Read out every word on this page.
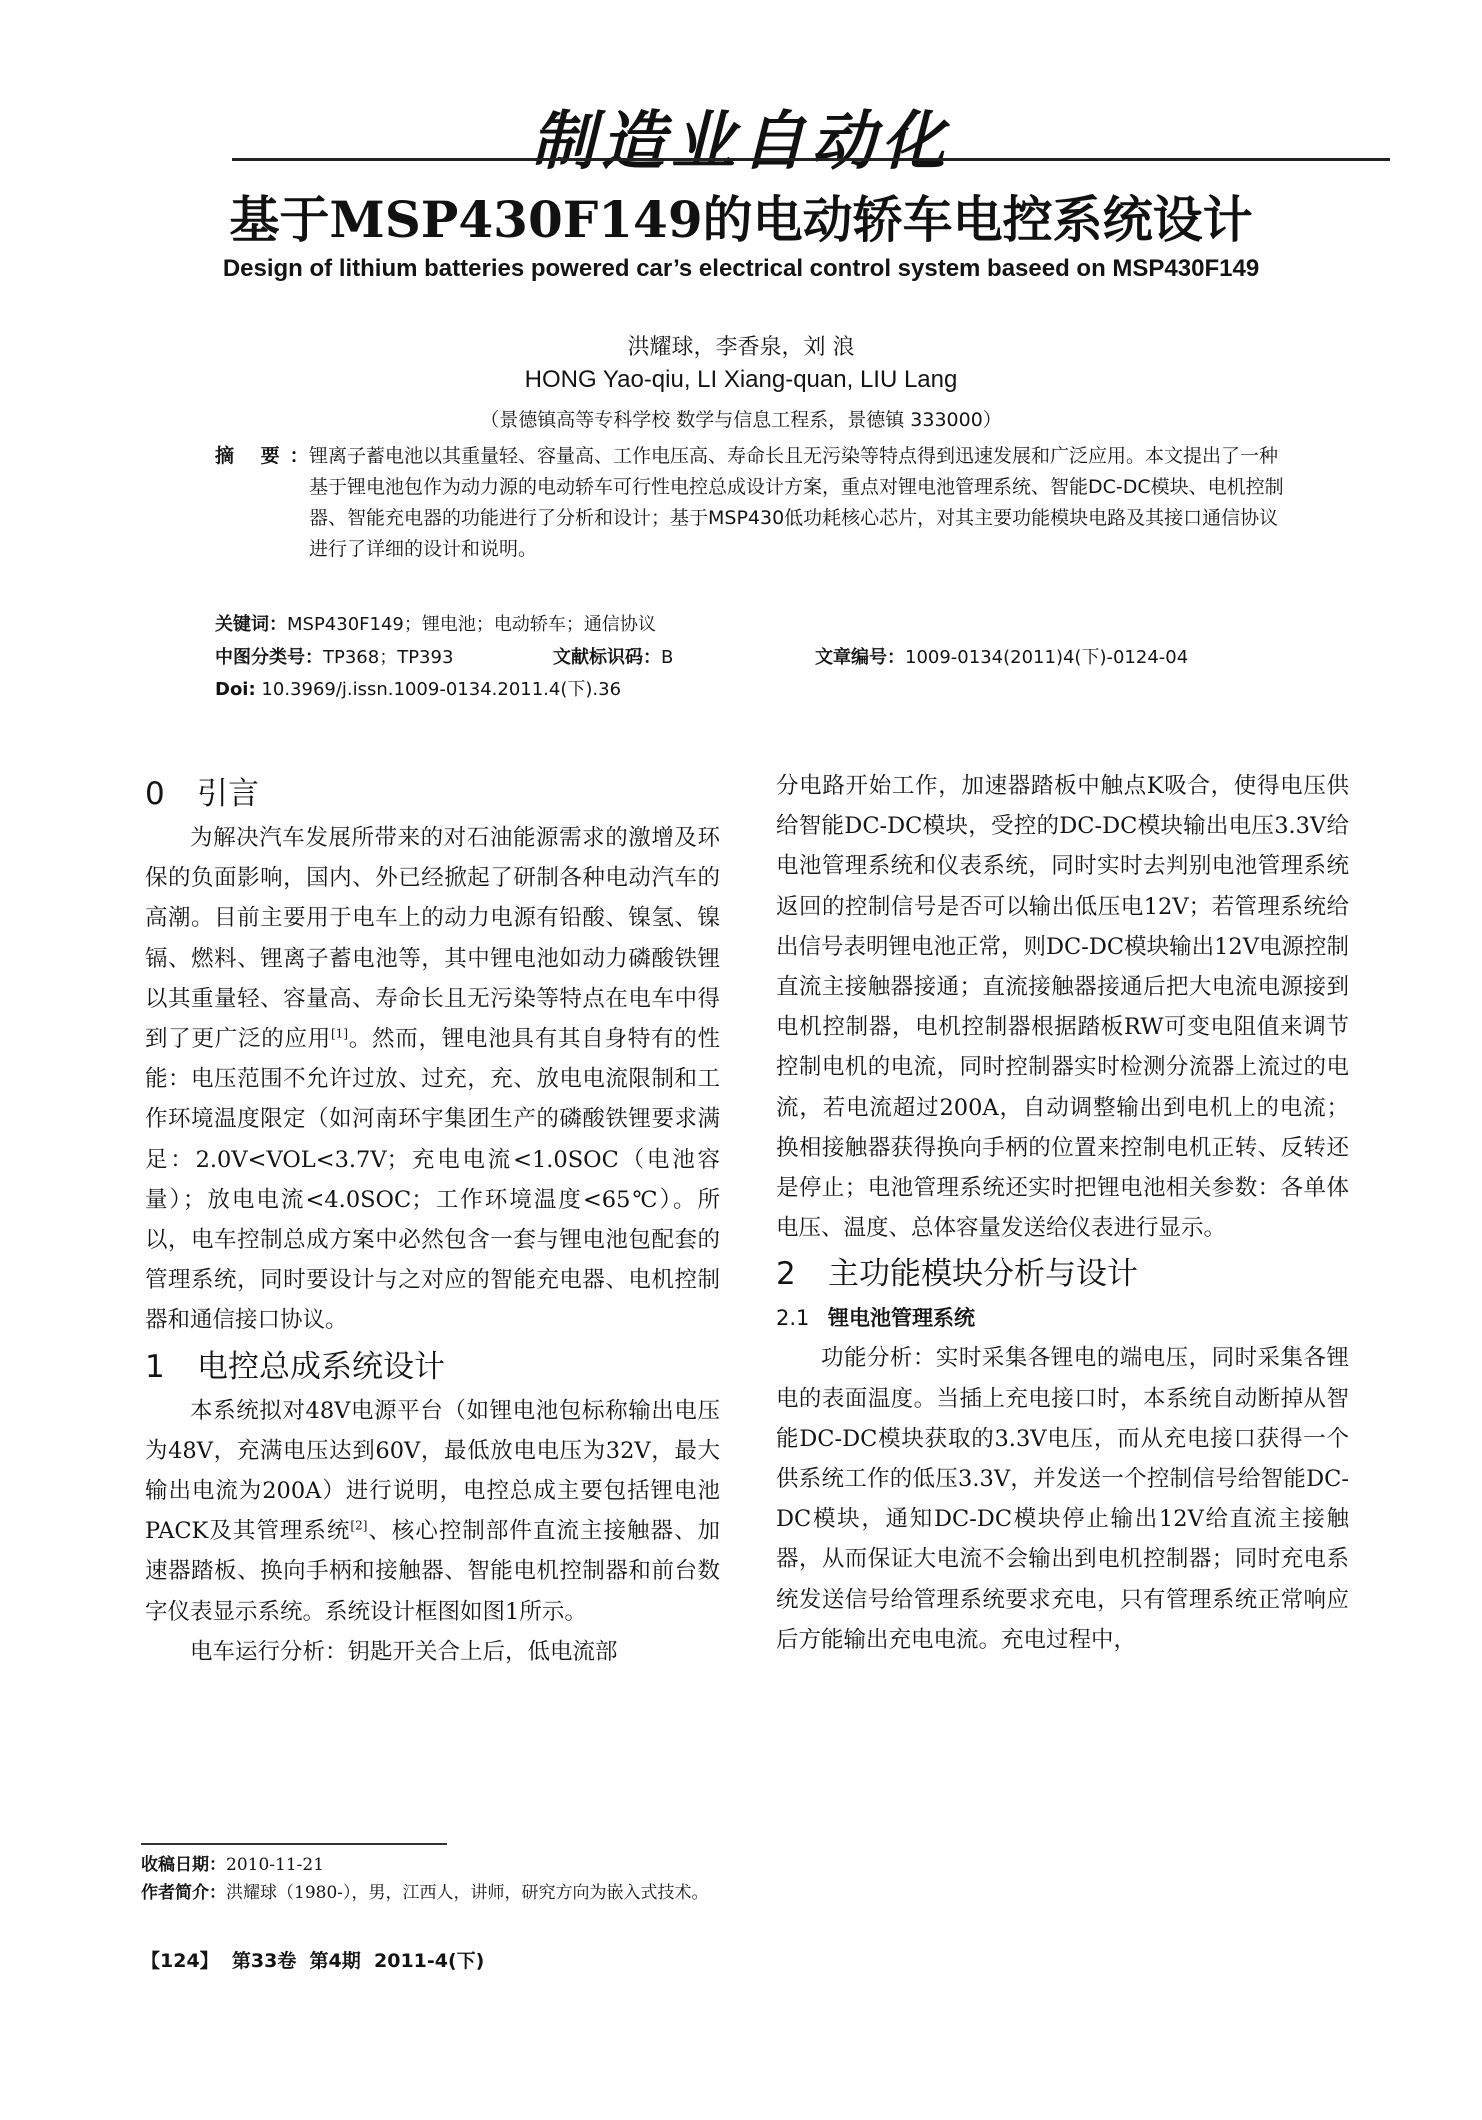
制造业自动化
基于MSP430F149的电动轿车电控系统设计
Design of lithium batteries powered car’s electrical control system baseed on MSP430F149
洪耀球，李香泉，刘 浪
HONG Yao-qiu, LI Xiang-quan, LIU Lang
（景德镇高等专科学校 数学与信息工程系，景德镇 333000）
摘 要：
锂离子蓄电池以其重量轻、容量高、工作电压高、寿命长且无污染等特点得到迅速发展和广泛应用。本文提出了一种基于锂电池包作为动力源的电动轿车可行性电控总成设计方案，重点对锂电池管理系统、智能DC-DC模块、电机控制器、智能充电器的功能进行了分析和设计；基于MSP430低功耗核心芯片，对其主要功能模块电路及其接口通信协议进行了详细的设计和说明。
关键词：MSP430F149；锂电池；电动轿车；通信协议
中图分类号：TP368；TP393	文献标识码：B	文章编号：1009-0134(2011)4(下)-0124-04
Doi: 10.3969/j.issn.1009-0134.2011.4(下).36
0 引言

为解决汽车发展所带来的对石油能源需求的激增及环保的负面影响，国内、外已经掀起了研制各种电动汽车的高潮。目前主要用于电车上的动力电源有铅酸、镍氢、镍镉、燃料、锂离子蓄电池等，其中锂电池如动力磷酸铁锂以其重量轻、容量高、寿命长且无污染等特点在电车中得到了更广泛的应用[1]。然而，锂电池具有其自身特有的性能：电压范围不允许过放、过充，充、放电电流限制和工作环境温度限定（如河南环宇集团生产的磷酸铁锂要求满足：2.0V<VOL<3.7V；充电电流<1.0SOC（电池容量）；放电电流<4.0SOC；工作环境温度<65℃）。所以，电车控制总成方案中必然包含一套与锂电池包配套的管理系统，同时要设计与之对应的智能充电器、电机控制器和通信接口协议。

1 电控总成系统设计

本系统拟对48V电源平台（如锂电池包标称输出电压为48V，充满电压达到60V，最低放电电压为32V，最大输出电流为200A）进行说明，电控总成主要包括锂电池PACK及其管理系统[2]、核心控制部件直流主接触器、加速器踏板、换向手柄和接触器、智能电机控制器和前台数字仪表显示系统。系统设计框图如图1所示。

电车运行分析：钥匙开关合上后，低电流部

分电路开始工作，加速器踏板中触点K吸合，使得电压供给智能DC-DC模块，受控的DC-DC模块输出电压3.3V给电池管理系统和仪表系统，同时实时去判别电池管理系统返回的控制信号是否可以输出低压电12V；若管理系统给出信号表明锂电池正常，则DC-DC模块输出12V电源控制直流主接触器接通；直流接触器接通后把大电流电源接到电机控制器，电机控制器根据踏板RW可变电阻值来调节控制电机的电流，同时控制器实时检测分流器上流过的电流，若电流超过200A，自动调整输出到电机上的电流；换相接触器获得换向手柄的位置来控制电机正转、反转还是停止；电池管理系统还实时把锂电池相关参数：各单体电压、温度、总体容量发送给仪表进行显示。

2 主功能模块分析与设计
2.1 锂电池管理系统

功能分析：实时采集各锂电的端电压，同时采集各锂电的表面温度。当插上充电接口时，本系统自动断掉从智能DC-DC模块获取的3.3V电压，而从充电接口获得一个供系统工作的低压3.3V，并发送一个控制信号给智能DC-DC模块，通知DC-DC模块停止输出12V给直流主接触器，从而保证大电流不会输出到电机控制器；同时充电系统发送信号给管理系统要求充电，只有管理系统正常响应后方能输出充电电流。充电过程中，

收稿日期：2010-11-21
作者简介：洪耀球（1980-），男，江西人，讲师，研究方向为嵌入式技术。
【124】  第33卷  第4期  2011-4(下)
